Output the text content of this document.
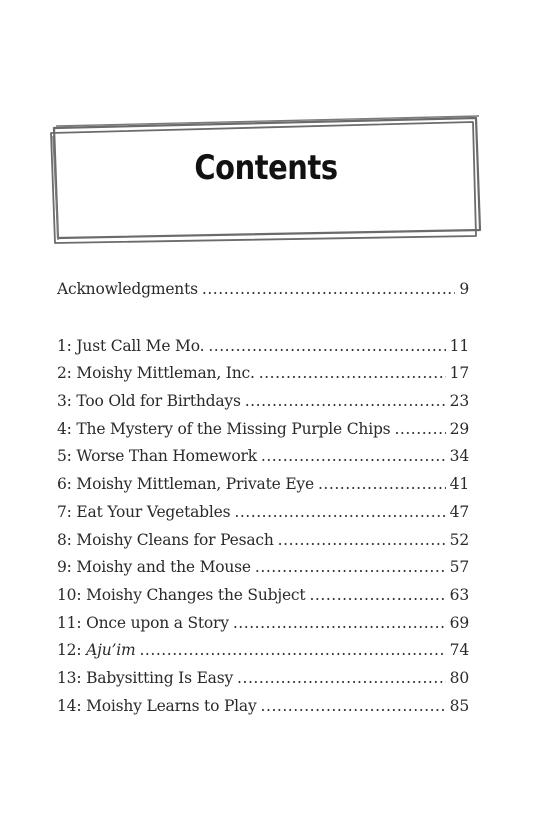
Contents
Acknowledgments . . .	9
1: Just Call Me Mo. . . .	11
2: Moishy Mittleman, Inc. . . .	17
3: Too Old for Birthdays . . .	23
4: The Mystery of the Missing Purple Chips . . .	29
5: Worse Than Homework . . .	34
6: Moishy Mittleman, Private Eye . . .	41
7: Eat Your Vegetables . . .	47
8: Moishy Cleans for Pesach . . .	52
9: Moishy and the Mouse . . .	57
10: Moishy Changes the Subject . . .	63
11: Once upon a Story . . .	69
12: Aju’im . . .	74
13: Babysitting Is Easy . . .	80
14: Moishy Learns to Play . . .	85
